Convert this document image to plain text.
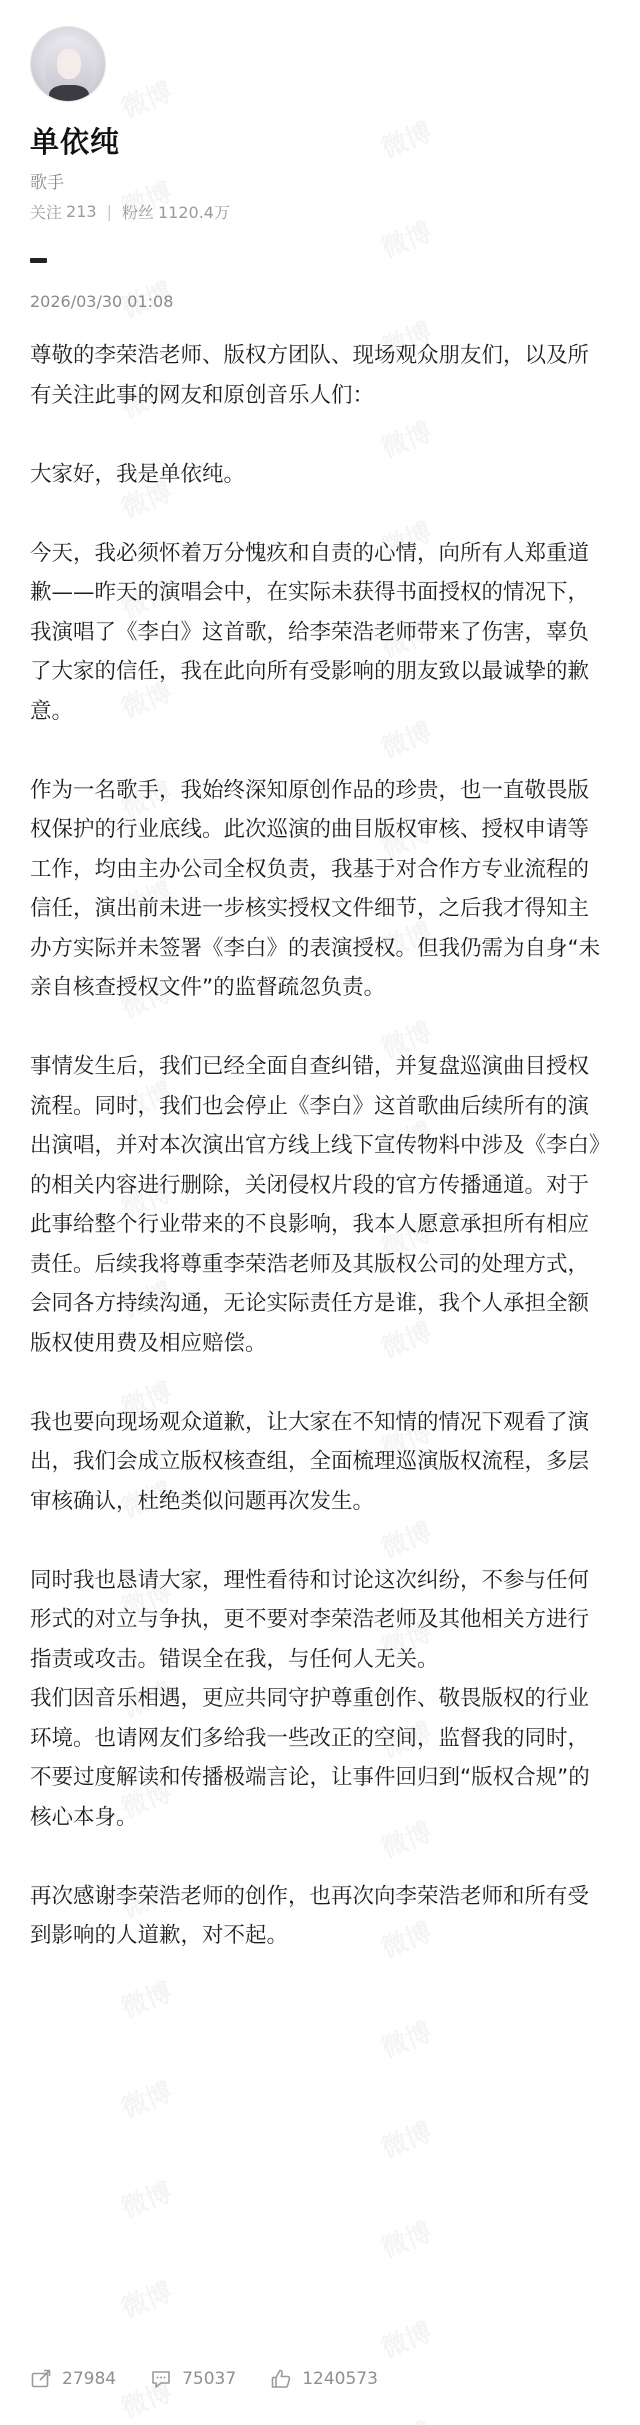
单依纯
歌手
关注 213 | 粉丝 1120.4万
2026/03/30 01:08

尊敬的李荣浩老师、版权方团队、现场观众朋友们，以及所有关注此事的网友和原创音乐人们：

大家好，我是单依纯。

今天，我必须怀着万分愧疚和自责的心情，向所有人郑重道歉——昨天的演唱会中，在实际未获得书面授权的情况下，我演唱了《李白》这首歌，给李荣浩老师带来了伤害，辜负了大家的信任，我在此向所有受影响的朋友致以最诚挚的歉意。

作为一名歌手，我始终深知原创作品的珍贵，也一直敬畏版权保护的行业底线。此次巡演的曲目版权审核、授权申请等工作，均由主办公司全权负责，我基于对合作方专业流程的信任，演出前未进一步核实授权文件细节，之后我才得知主办方实际并未签署《李白》的表演授权。但我仍需为自身“未亲自核查授权文件”的监督疏忽负责。

事情发生后，我们已经全面自查纠错，并复盘巡演曲目授权流程。同时，我们也会停止《李白》这首歌曲后续所有的演出演唱，并对本次演出官方线上线下宣传物料中涉及《李白》的相关内容进行删除，关闭侵权片段的官方传播通道。对于此事给整个行业带来的不良影响，我本人愿意承担所有相应责任。后续我将尊重李荣浩老师及其版权公司的处理方式，会同各方持续沟通，无论实际责任方是谁，我个人承担全额版权使用费及相应赔偿。

我也要向现场观众道歉，让大家在不知情的情况下观看了演出，我们会成立版权核查组，全面梳理巡演版权流程，多层审核确认，杜绝类似问题再次发生。

同时我也恳请大家，理性看待和讨论这次纠纷，不参与任何形式的对立与争执，更不要对李荣浩老师及其他相关方进行指责或攻击。错误全在我，与任何人无关。

我们因音乐相遇，更应共同守护尊重创作、敬畏版权的行业环境。也请网友们多给我一些改正的空间，监督我的同时，不要过度解读和传播极端言论，让事件回归到“版权合规”的核心本身。

再次感谢李荣浩老师的创作，也再次向李荣浩老师和所有受到影响的人道歉，对不起。

27984	75037	1240573
